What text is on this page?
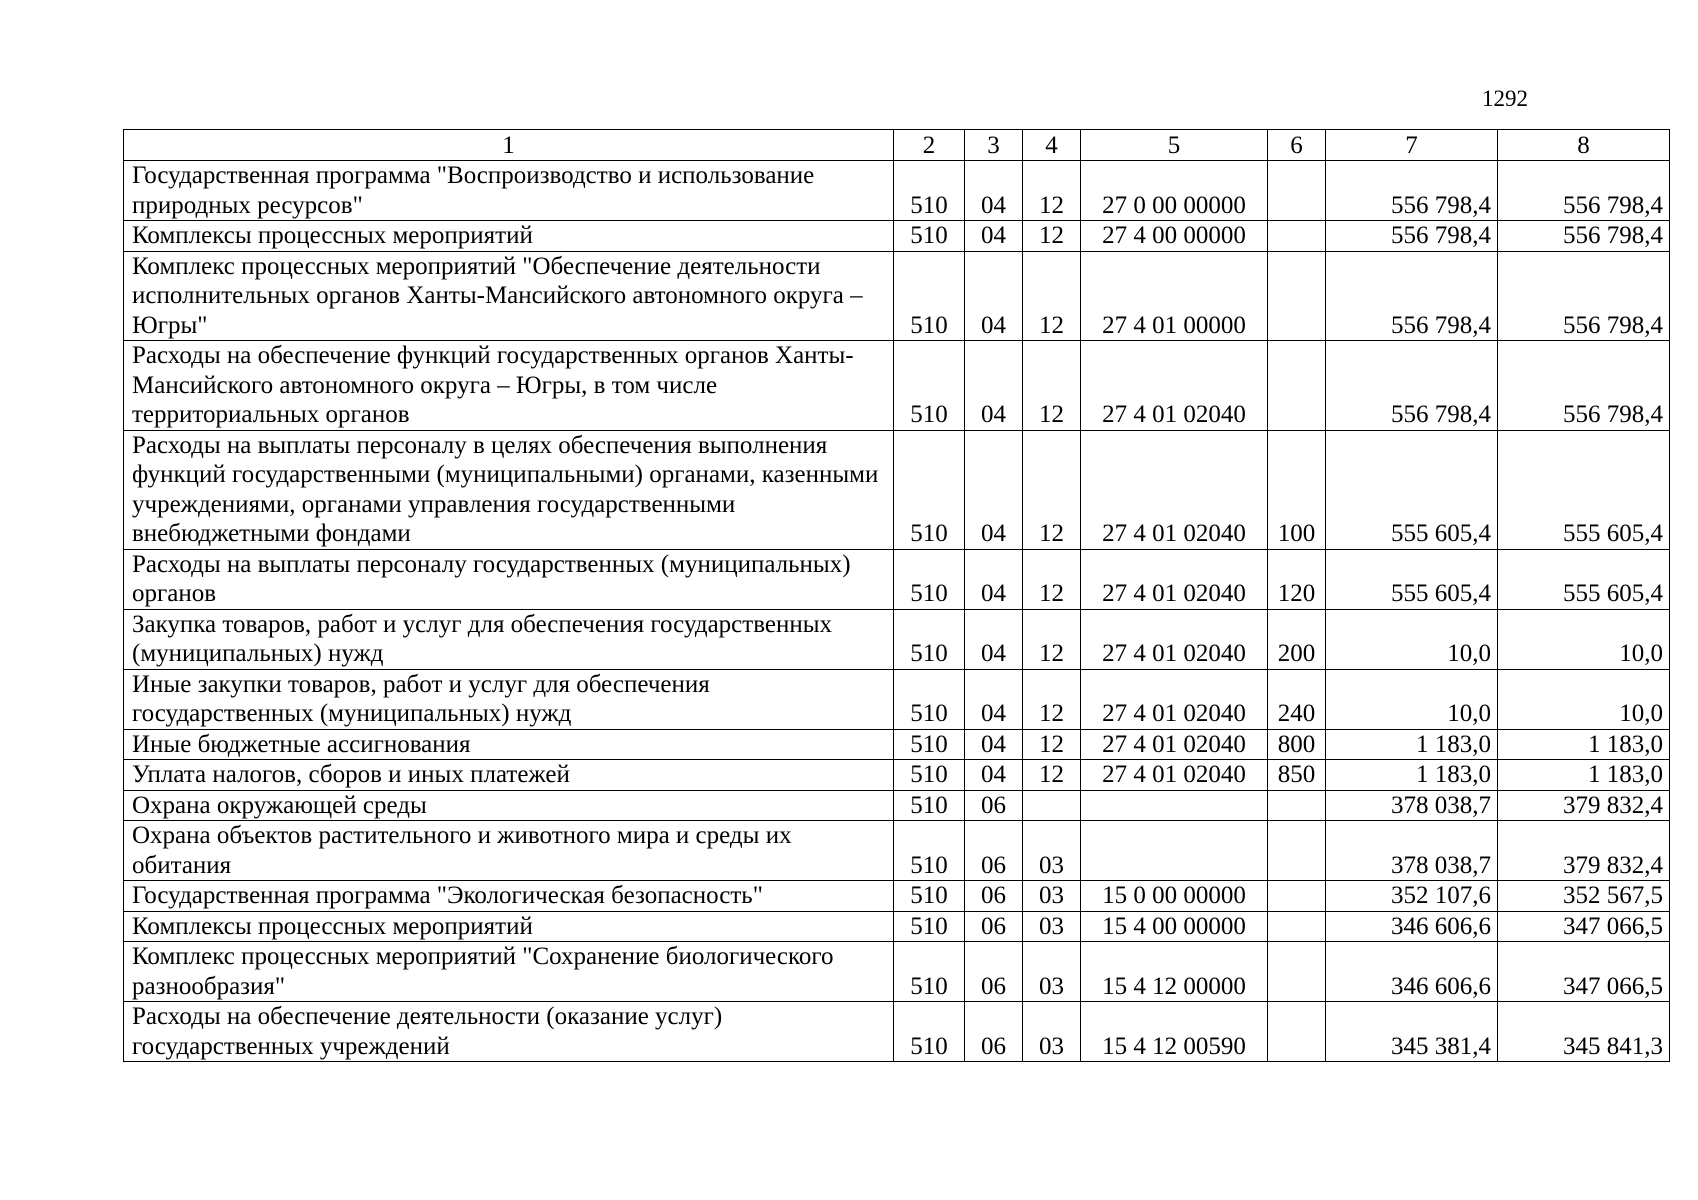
1292
1	2	3	4	5	6	7	8
Государственная программа "Воспроизводство и использование природных ресурсов"	510	04	12	27 0 00 00000		556 798,4	556 798,4
Комплексы процессных мероприятий	510	04	12	27 4 00 00000		556 798,4	556 798,4
Комплекс процессных мероприятий "Обеспечение деятельности исполнительных органов Ханты-Мансийского автономного округа – Югры"	510	04	12	27 4 01 00000		556 798,4	556 798,4
Расходы на обеспечение функций государственных органов Ханты-Мансийского автономного округа – Югры, в том числе территориальных органов	510	04	12	27 4 01 02040		556 798,4	556 798,4
Расходы на выплаты персоналу в целях обеспечения выполнения функций государственными (муниципальными) органами, казенными учреждениями, органами управления государственными внебюджетными фондами	510	04	12	27 4 01 02040	100	555 605,4	555 605,4
Расходы на выплаты персоналу государственных (муниципальных) органов	510	04	12	27 4 01 02040	120	555 605,4	555 605,4
Закупка товаров, работ и услуг для обеспечения государственных (муниципальных) нужд	510	04	12	27 4 01 02040	200	10,0	10,0
Иные закупки товаров, работ и услуг для обеспечения государственных (муниципальных) нужд	510	04	12	27 4 01 02040	240	10,0	10,0
Иные бюджетные ассигнования	510	04	12	27 4 01 02040	800	1 183,0	1 183,0
Уплата налогов, сборов и иных платежей	510	04	12	27 4 01 02040	850	1 183,0	1 183,0
Охрана окружающей среды	510	06				378 038,7	379 832,4
Охрана объектов растительного и животного мира и среды их обитания	510	06	03			378 038,7	379 832,4
Государственная программа "Экологическая безопасность"	510	06	03	15 0 00 00000		352 107,6	352 567,5
Комплексы процессных мероприятий	510	06	03	15 4 00 00000		346 606,6	347 066,5
Комплекс процессных мероприятий "Сохранение биологического разнообразия"	510	06	03	15 4 12 00000		346 606,6	347 066,5
Расходы на обеспечение деятельности (оказание услуг) государственных учреждений	510	06	03	15 4 12 00590		345 381,4	345 841,3
